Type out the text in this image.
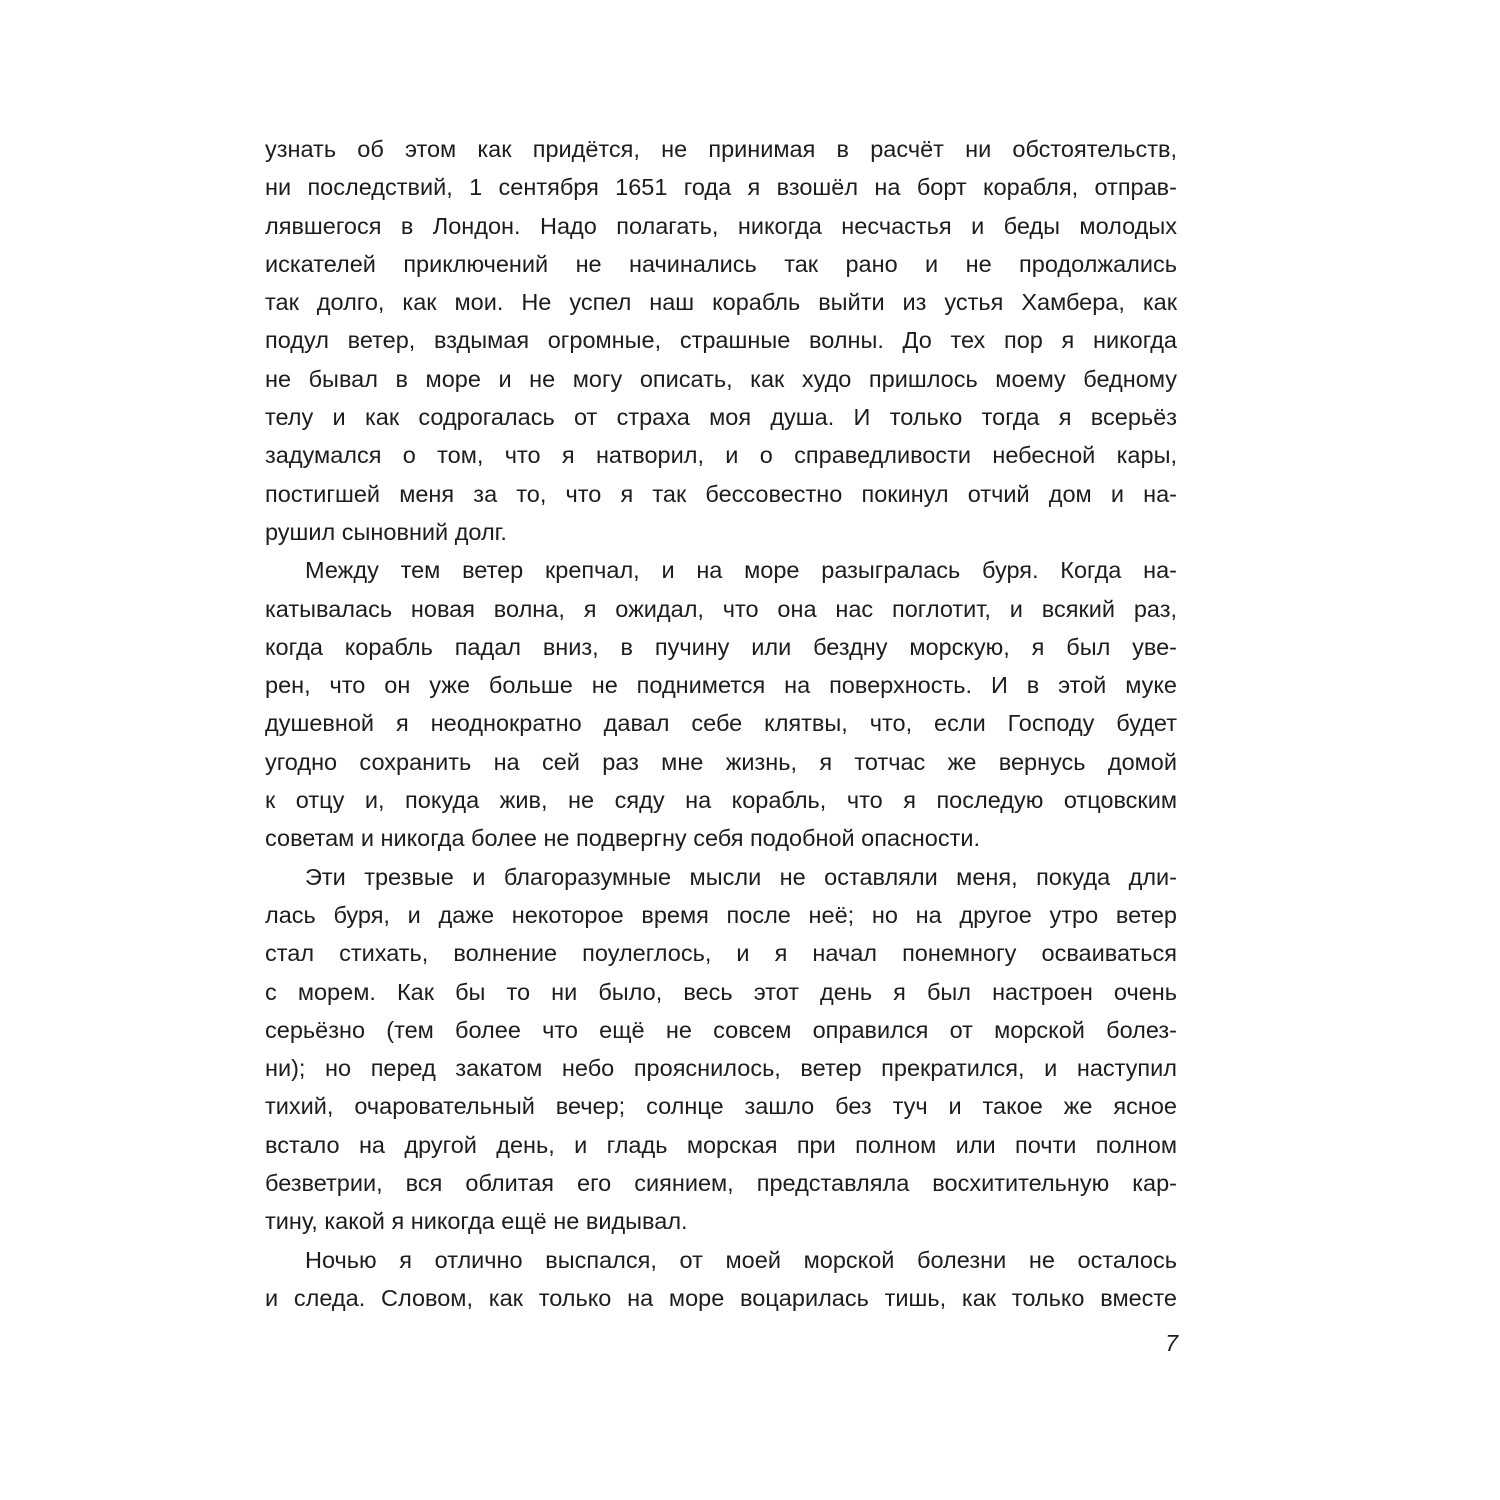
узнать об этом как придётся, не принимая в расчёт ни обстоятельств,
ни последствий, 1 сентября 1651 года я взошёл на борт корабля, отправ-
лявшегося в Лондон. Надо полагать, никогда несчастья и беды молодых
искателей приключений не начинались так рано и не продолжались
так долго, как мои. Не успел наш корабль выйти из устья Хамбера, как
подул ветер, вздымая огромные, страшные волны. До тех пор я никогда
не бывал в море и не могу описать, как худо пришлось моему бедному
телу и как содрогалась от страха моя душа. И только тогда я всерьёз
задумался о том, что я натворил, и о справедливости небесной кары,
постигшей меня за то, что я так бессовестно покинул отчий дом и на-
рушил сыновний долг.
Между тем ветер крепчал, и на море разыгралась буря. Когда на-
катывалась новая волна, я ожидал, что она нас поглотит, и всякий раз,
когда корабль падал вниз, в пучину или бездну морскую, я был уве-
рен, что он уже больше не поднимется на поверхность. И в этой муке
душевной я неоднократно давал себе клятвы, что, если Господу будет
угодно сохранить на сей раз мне жизнь, я тотчас же вернусь домой
к отцу и, покуда жив, не сяду на корабль, что я последую отцовским
советам и никогда более не подвергну себя подобной опасности.
Эти трезвые и благоразумные мысли не оставляли меня, покуда дли-
лась буря, и даже некоторое время после неё; но на другое утро ветер
стал стихать, волнение поулеглось, и я начал понемногу осваиваться
с морем. Как бы то ни было, весь этот день я был настроен очень
серьёзно (тем более что ещё не совсем оправился от морской болез-
ни); но перед закатом небо прояснилось, ветер прекратился, и наступил
тихий, очаровательный вечер; солнце зашло без туч и такое же ясное
встало на другой день, и гладь морская при полном или почти полном
безветрии, вся облитая его сиянием, представляла восхитительную кар-
тину, какой я никогда ещё не видывал.
Ночью я отлично выспался, от моей морской болезни не осталось
и следа. Словом, как только на море воцарилась тишь, как только вместе
7
